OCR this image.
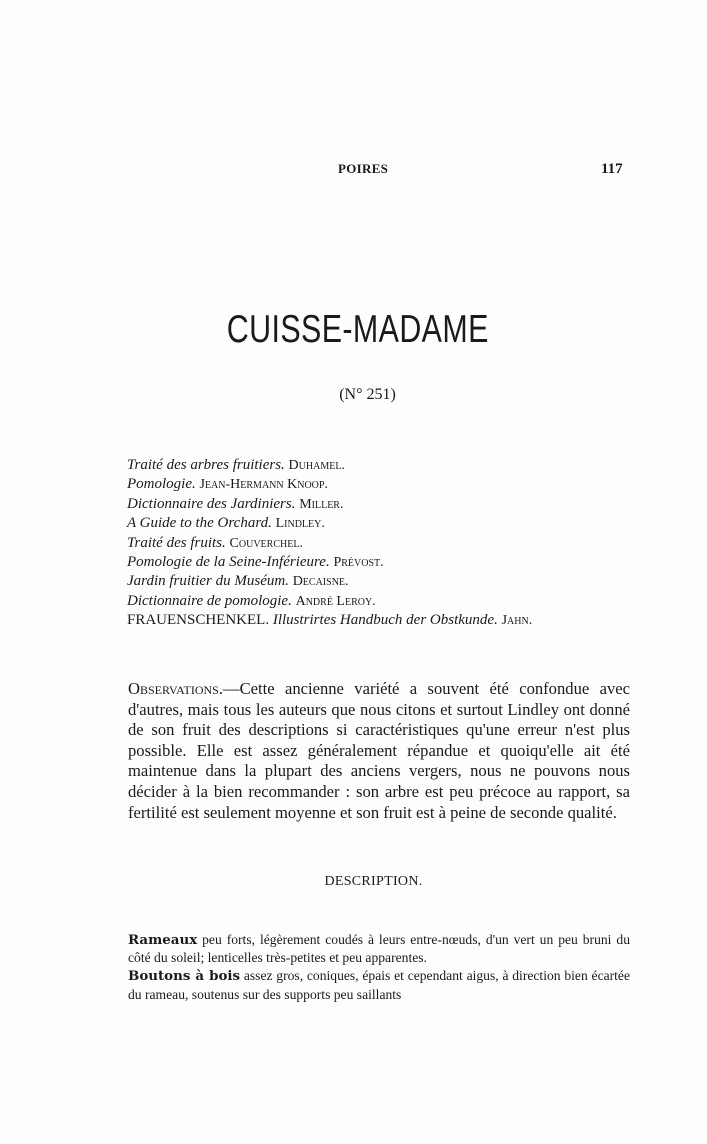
POIRES	117
CUISSE-MADAME
(N° 251)
Traité des arbres fruitiers. Duhamel.
Pomologie. Jean-Hermann Knoop.
Dictionnaire des Jardiniers. Miller.
A Guide to the Orchard. Lindley.
Traité des fruits. Couverchel.
Pomologie de la Seine-Inférieure. Prévost.
Jardin fruitier du Muséum. Decaisne.
Dictionnaire de pomologie. André Leroy.
FRAUENSCHENKEL. Illustrirtes Handbuch der Obstkunde. Jahn.

Observations.—Cette ancienne variété a souvent été confondue avec d'autres, mais tous les auteurs que nous citons et surtout Lindley ont donné de son fruit des descriptions si caractéristiques qu'une erreur n'est plus possible. Elle est assez généralement répandue et quoiqu'elle ait été maintenue dans la plupart des anciens vergers, nous ne pouvons nous décider à la bien recommander : son arbre est peu précoce au rapport, sa fertilité est seulement moyenne et son fruit est à peine de seconde qualité.

DESCRIPTION.

Rameaux peu forts, légèrement coudés à leurs entre-nœuds, d'un vert un peu bruni du côté du soleil; lenticelles très-petites et peu apparentes.

Boutons à bois assez gros, coniques, épais et cependant aigus, à direction bien écartée du rameau, soutenus sur des supports peu saillants
